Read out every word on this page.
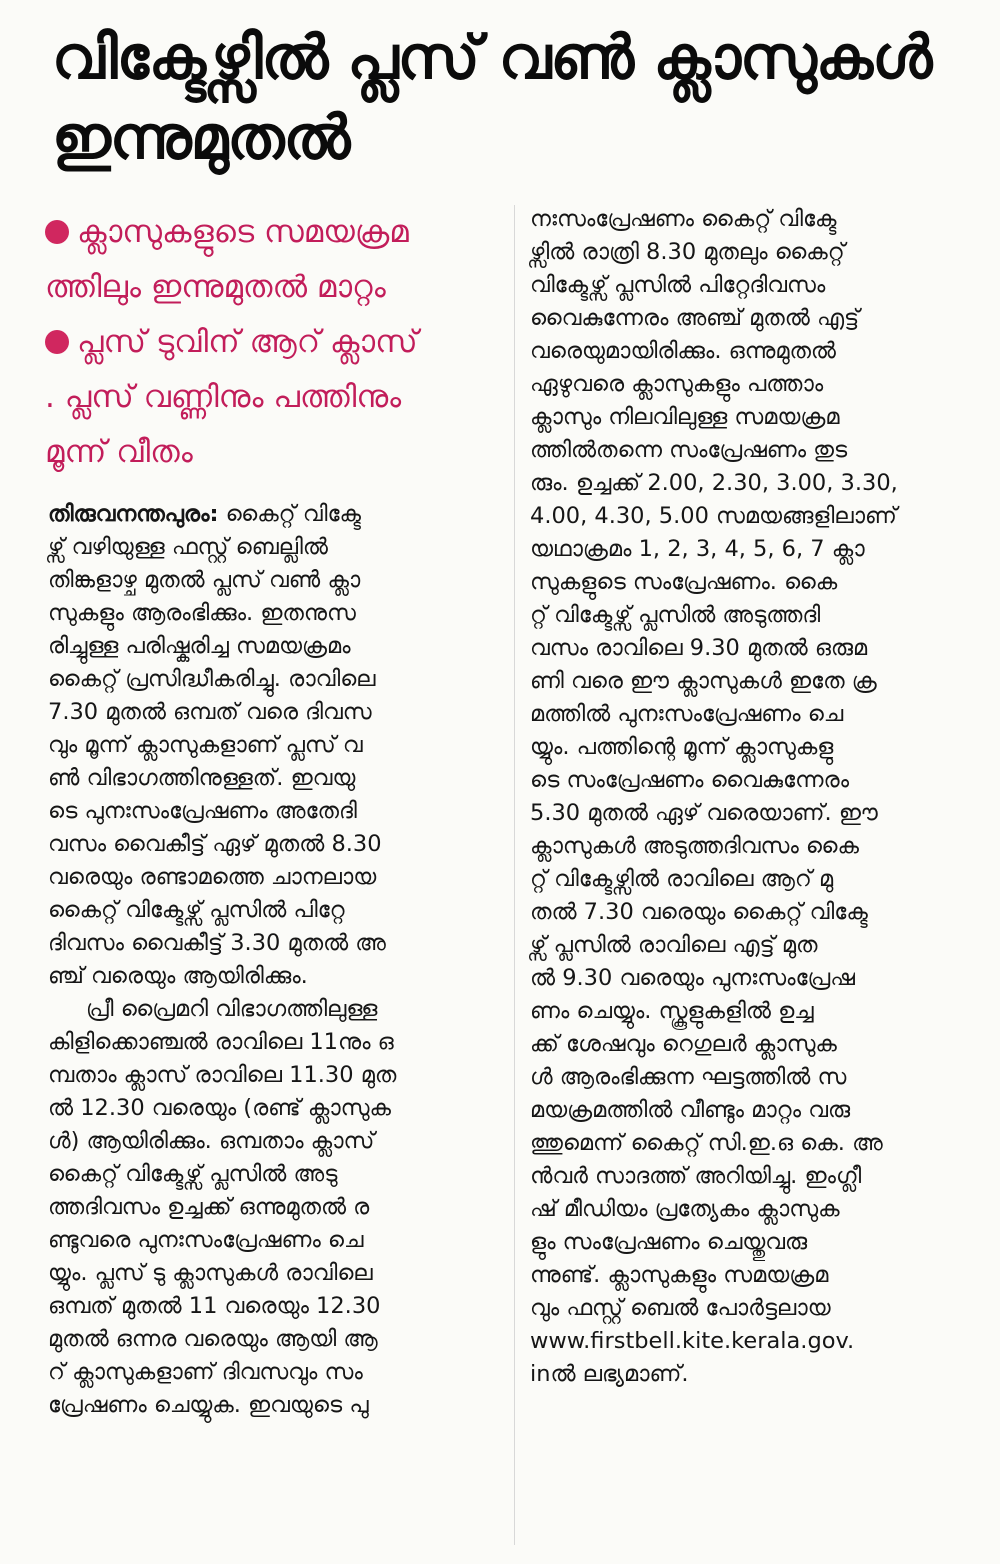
വിക്ടേഴ്സിൽ പ്ലസ് വൺ ക്ലാസുകൾ
ഇന്നുമുതൽ
ക്ലാസുകളുടെ സമയക്രമ
ത്തിലും ഇന്നുമുതൽ മാറ്റം
പ്ലസ് ടുവിന് ആറ് ക്ലാസ്
. പ്ലസ് വണ്ണിനും പത്തിനും
മൂന്ന് വീതം
തിരുവനന്തപുരം: കൈറ്റ് വിക്ടേ
ഴ്സ് വഴിയുള്ള ഫസ്റ്റ് ബെല്ലിൽ
തിങ്കളാഴ്ച മുതൽ പ്ലസ് വൺ ക്ലാ
സുകളും ആരംഭിക്കും. ഇതനുസ
രിച്ചുള്ള പരിഷ്കരിച്ച സമയക്രമം
കൈറ്റ് പ്രസിദ്ധീകരിച്ചു. രാവിലെ
7.30 മുതൽ ഒമ്പത് വരെ ദിവസ
വും മൂന്ന് ക്ലാസുകളാണ് പ്ലസ് വ
ൺ വിഭാഗത്തിനുള്ളത്. ഇവയു
ടെ പുനഃസംപ്രേഷണം അതേദി
വസം വൈകീട്ട് ഏഴ് മുതൽ 8.30
വരെയും രണ്ടാമത്തെ ചാനലായ
കൈറ്റ് വിക്ടേഴ്സ് പ്ലസിൽ പിറ്റേ
ദിവസം വൈകീട്ട് 3.30 മുതൽ അ
ഞ്ച് വരെയും ആയിരിക്കും.
പ്രീ പ്രൈമറി വിഭാഗത്തിലുള്ള
കിളിക്കൊഞ്ചൽ രാവിലെ 11നും ഒ
മ്പതാം ക്ലാസ് രാവിലെ 11.30 മുത
ൽ 12.30 വരെയും (രണ്ട് ക്ലാസുക
ൾ) ആയിരിക്കും. ഒമ്പതാം ക്ലാസ്
കൈറ്റ് വിക്ടേഴ്സ് പ്ലസിൽ അടു
ത്തദിവസം ഉച്ചക്ക് ഒന്നുമുതൽ ര
ണ്ടുവരെ പുനഃസംപ്രേഷണം ചെ
യ്യും. പ്ലസ് ടു ക്ലാസുകൾ രാവിലെ
ഒമ്പത് മുതൽ 11 വരെയും 12.30
മുതൽ ഒന്നര വരെയും ആയി ആ
റ് ക്ലാസുകളാണ് ദിവസവും സം
പ്രേഷണം ചെയ്യുക. ഇവയുടെ പു
നഃസംപ്രേഷണം കൈറ്റ് വിക്ടേ
ഴ്സിൽ രാത്രി 8.30 മുതലും കൈറ്റ്
വിക്ടേഴ്സ് പ്ലസിൽ പിറ്റേദിവസം
വൈകുന്നേരം അഞ്ച് മുതൽ എട്ട്
വരെയുമായിരിക്കും. ഒന്നുമുതൽ
ഏഴുവരെ ക്ലാസുകളും പത്താം
ക്ലാസും നിലവിലുള്ള സമയക്രമ
ത്തിൽതന്നെ സംപ്രേഷണം തുട
രും. ഉച്ചക്ക് 2.00, 2.30, 3.00, 3.30,
4.00, 4.30, 5.00 സമയങ്ങളിലാണ്
യഥാക്രമം 1, 2, 3, 4, 5, 6, 7 ക്ലാ
സുകളുടെ സംപ്രേഷണം. കൈ
റ്റ് വിക്ടേഴ്സ് പ്ലസിൽ അടുത്തദി
വസം രാവിലെ 9.30 മുതൽ ഒരുമ
ണി വരെ ഈ ക്ലാസുകൾ ഇതേ ക്ര
മത്തിൽ പുനഃസംപ്രേഷണം ചെ
യ്യും. പത്തിന്റെ മൂന്ന് ക്ലാസുകളു
ടെ സംപ്രേഷണം വൈകുന്നേരം
5.30 മുതൽ ഏഴ് വരെയാണ്. ഈ
ക്ലാസുകൾ അടുത്തദിവസം കൈ
റ്റ് വിക്ടേഴ്സിൽ രാവിലെ ആറ് മു
തൽ 7.30 വരെയും കൈറ്റ് വിക്ടേ
ഴ്സ് പ്ലസിൽ രാവിലെ എട്ട് മുത
ൽ 9.30 വരെയും പുനഃസംപ്രേഷ
ണം ചെയ്യും. സ്കൂളുകളിൽ ഉച്ച
ക്ക് ശേഷവും റെഗുലർ ക്ലാസുക
ൾ ആരംഭിക്കുന്ന ഘട്ടത്തിൽ സ
മയക്രമത്തിൽ വീണ്ടും മാറ്റം വരു
ത്തുമെന്ന് കൈറ്റ് സി.ഇ.ഒ കെ. അ
ൻവർ സാദത്ത് അറിയിച്ചു. ഇംഗ്ലീ
ഷ് മീഡിയം പ്രത്യേകം ക്ലാസുക
ളും സംപ്രേഷണം ചെയ്തുവരു
ന്നുണ്ട്. ക്ലാസുകളും സമയക്രമ
വും ഫസ്റ്റ് ബെൽ പോർട്ടലായ
www.firstbell.kite.kerala.gov.
inൽ ലഭ്യമാണ്.
